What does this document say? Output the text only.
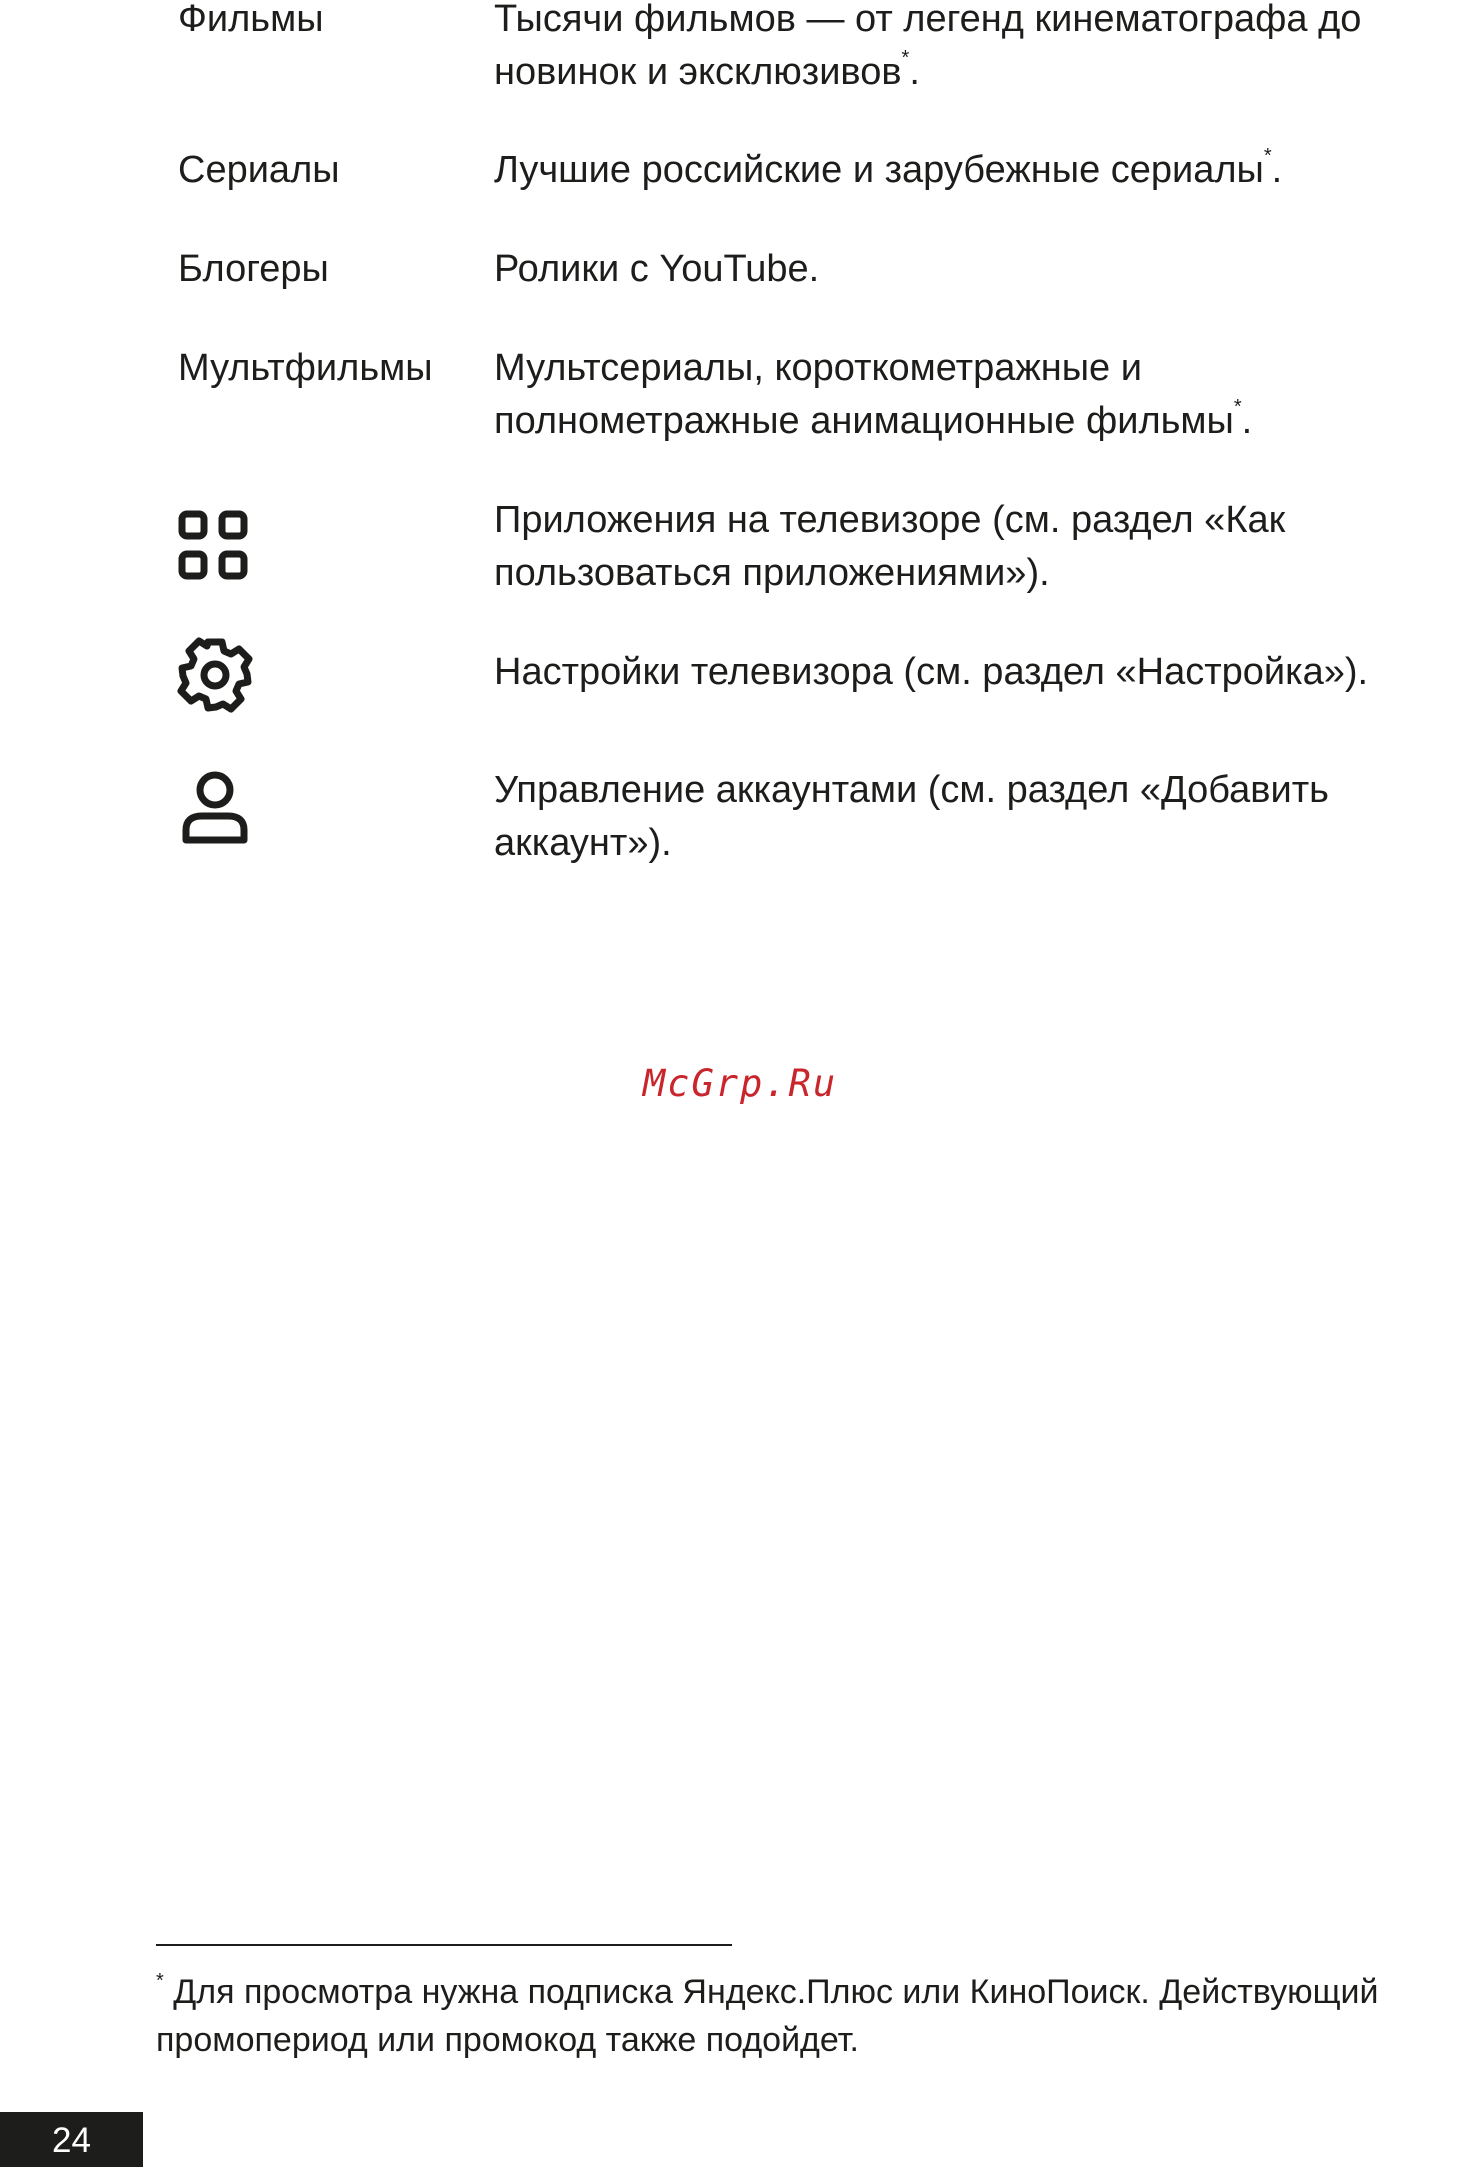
Фильмы	Тысячи фильмов — от легенд кинематографа до новинок и эксклюзивов*.
Сериалы	Лучшие российские и зарубежные сериалы*.
Блогеры	Ролики с YouTube.
Мультфильмы Мультсериалы, короткометражные и полнометражные анимационные фильмы*.
Приложения на телевизоре (см. раздел «Как пользоваться приложениями»).
Настройки телевизора (см. раздел «Настройка»).
Управление аккаунтами (см. раздел «Добавить аккаунт»).
McGrp.Ru
* Для просмотра нужна подписка Яндекс.Плюс или КиноПоиск. Действующий промопериод или промокод также подойдет.
24
